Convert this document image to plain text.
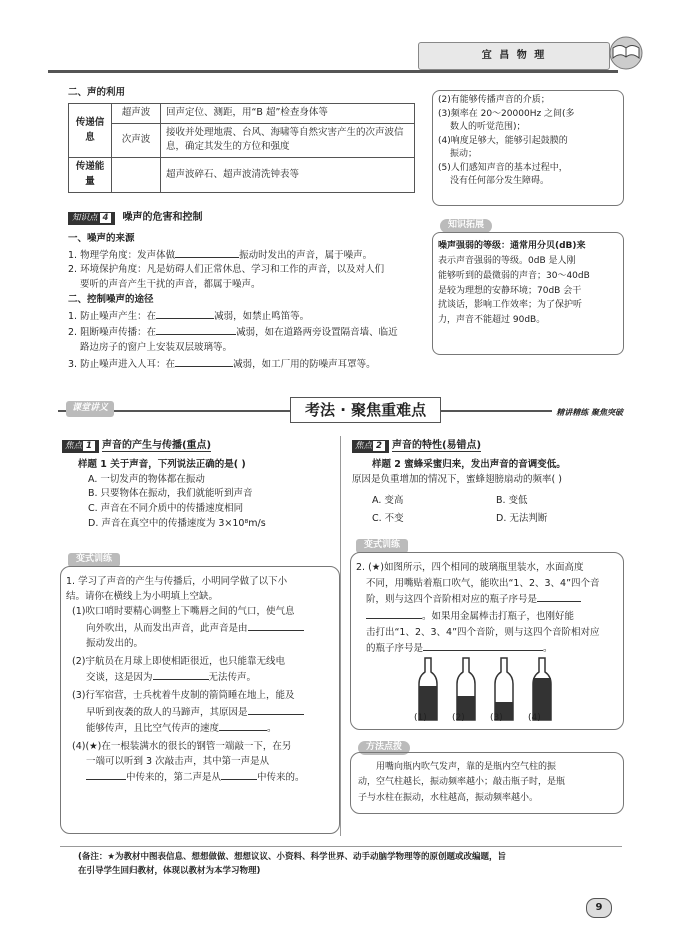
宜 昌 物 理
二、声的利用
传递信息	超声波	回声定位、测距，用“B 超”检查身体等
	次声波	接收并处理地震、台风、海啸等自然灾害产生的次声波信息，确定其发生的方位和强度
传递能量		超声波碎石、超声波清洗钟表等
知识点 4 噪声的危害和控制
一、噪声的来源
1. 物理学角度：发声体做	振动时发出的声音，属于噪声。
2. 环境保护角度：凡是妨碍人们正常休息、学习和工作的声音，以及对人们
要听的声音产生干扰的声音，都属于噪声。
二、控制噪声的途径
1. 防止噪声产生：在	减弱，如禁止鸣笛等。
2. 阻断噪声传播：在	减弱，如在道路两旁设置隔音墙、临近
路边房子的窗户上安装双层玻璃等。
3. 防止噪声进入人耳：在	减弱，如工厂用的防噪声耳罩等。
(2)有能够传播声音的介质；
(3)频率在 20～20000Hz 之间(多
数人的听觉范围)；
(4)响度足够大，能够引起鼓膜的
振动；
(5)人们感知声音的基本过程中，
没有任何部分发生障碍。
知识拓展
噪声强弱的等级：通常用分贝(dB)来
表示声音强弱的等级。0dB 是人刚
能够听到的最微弱的声音；30～40dB
是较为理想的安静环境；70dB 会干
扰谈话，影响工作效率；为了保护听
力，声音不能超过 90dB。
课堂讲义	考法 · 聚焦重难点	精讲精练 聚焦突破
焦点 1 声音的产生与传播(重点)
样题 1 关于声音，下列说法正确的是( )
A. 一切发声的物体都在振动
B. 只要物体在振动，我们就能听到声音
C. 声音在不同介质中的传播速度相同
D. 声音在真空中的传播速度为 3×10⁸m/s
变式训练
1. 学习了声音的产生与传播后，小明同学做了以下小
结。请你在横线上为小明填上空缺。
(1)吹口哨时要精心调整上下嘴唇之间的气口，使气息
向外吹出，从而发出声音，此声音是由
振动发出的。
(2)宇航员在月球上即使相距很近，也只能靠无线电
交谈，这是因为	无法传声。
(3)行军宿营，士兵枕着牛皮制的箭筒睡在地上，能及
早听到夜袭的敌人的马蹄声，其原因是
能够传声，且比空气传声的速度	。
(4)(★)在一根装满水的很长的钢管一端敲一下，在另
一端可以听到 3 次敲击声，其中第一声是从
中传来的，第二声是从	中传来的。
焦点 2 声音的特性(易错点)
样题 2 蜜蜂采蜜归来，发出声音的音调变低。
原因是负重增加的情况下，蜜蜂翅膀扇动的频率( )
A. 变高	B. 变低
C. 不变	D. 无法判断
变式训练
2. (★)如图所示，四个相同的玻璃瓶里装水，水面高度
不同，用嘴贴着瓶口吹气，能吹出“1、2、3、4”四个音
阶，则与这四个音阶相对应的瓶子序号是
。如果用金属棒击打瓶子，也刚好能
击打出“1、2、3、4”四个音阶，则与这四个音阶相对应
的瓶子序号是	。
(1)	(2)	(3)	(4)
方法点拨
用嘴向瓶内吹气发声，靠的是瓶内空气柱的振
动，空气柱越长，振动频率越小；敲击瓶子时，是瓶
子与水柱在振动，水柱越高，振动频率越小。
(备注：★为教材中图表信息、想想做做、想想议议、小资料、科学世界、动手动脑学物理等的原创题或改编题，旨
在引导学生回归教材，体现以教材为本学习物理)
9
